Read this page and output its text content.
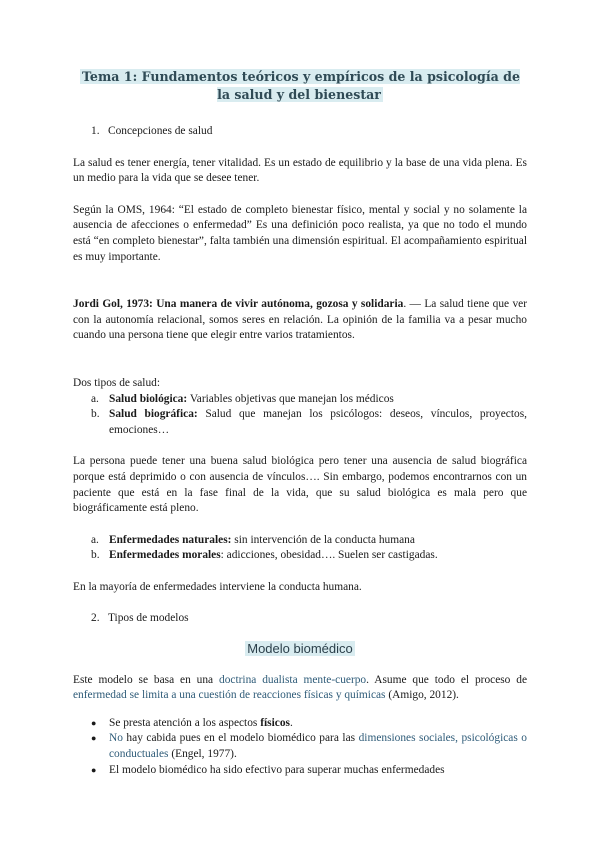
Tema 1: Fundamentos teóricos y empíricos de la psicología de la salud y del bienestar
1. Concepciones de salud

La salud es tener energía, tener vitalidad. Es un estado de equilibrio y la base de una vida plena. Es un medio para la vida que se desee tener.

Según la OMS, 1964: “El estado de completo bienestar físico, mental y social y no solamente la ausencia de afecciones o enfermedad” Es una definición poco realista, ya que no todo el mundo está “en completo bienestar”, falta también una dimensión espiritual. El acompañamiento espiritual es muy importante.

Jordi Gol, 1973: Una manera de vivir autónoma, gozosa y solidaria. — La salud tiene que ver con la autonomía relacional, somos seres en relación. La opinión de la familia va a pesar mucho cuando una persona tiene que elegir entre varios tratamientos.

Dos tipos de salud:

a. Salud biológica: Variables objetivas que manejan los médicos
b. Salud biográfica: Salud que manejan los psicólogos: deseos, vínculos, proyectos, emociones…

La persona puede tener una buena salud biológica pero tener una ausencia de salud biográfica porque está deprimido o con ausencia de vínculos…. Sin embargo, podemos encontrarnos con un paciente que está en la fase final de la vida, que su salud biológica es mala pero que biográficamente está pleno.

a. Enfermedades naturales: sin intervención de la conducta humana
b. Enfermedades morales: adicciones, obesidad…. Suelen ser castigadas.

En la mayoría de enfermedades interviene la conducta humana.

2. Tipos de modelos
Modelo biomédico

Este modelo se basa en una doctrina dualista mente-cuerpo. Asume que todo el proceso de enfermedad se limita a una cuestión de reacciones físicas y químicas (Amigo, 2012).

●	Se presta atención a los aspectos físicos.
●	No hay cabida pues en el modelo biomédico para las dimensiones sociales, psicológicas o conductuales (Engel, 1977).
●	El modelo biomédico ha sido efectivo para superar muchas enfermedades
